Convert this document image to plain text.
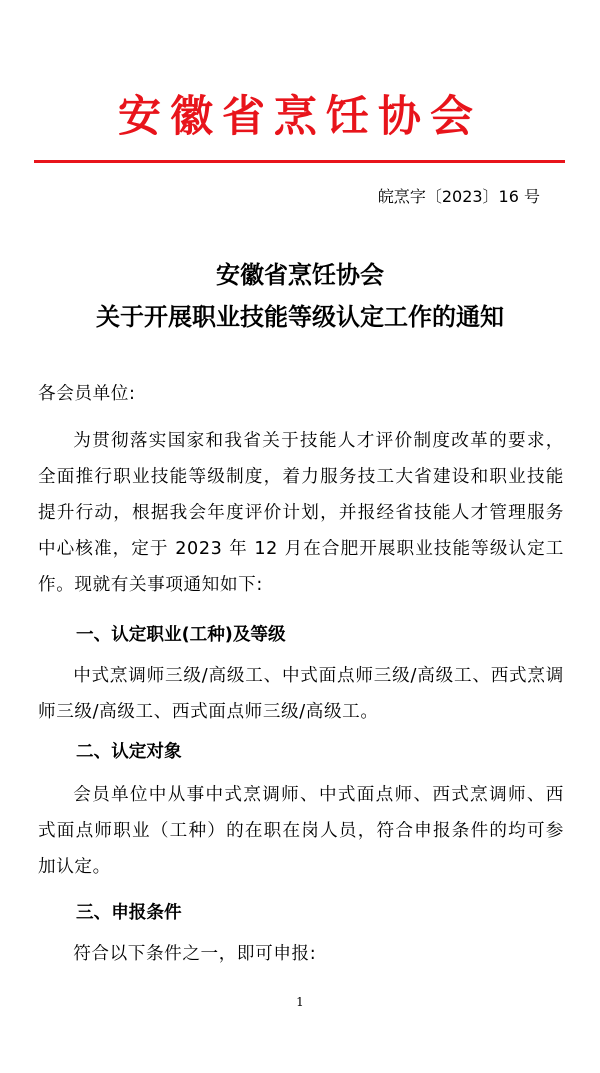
安徽省烹饪协会
皖烹字〔2023〕16 号
安徽省烹饪协会
关于开展职业技能等级认定工作的通知
各会员单位:
为贯彻落实国家和我省关于技能人才评价制度改革的要求，全面推行职业技能等级制度，着力服务技工大省建设和职业技能提升行动，根据我会年度评价计划，并报经省技能人才管理服务中心核准，定于 2023 年 12 月在合肥开展职业技能等级认定工作。现就有关事项通知如下:
一、认定职业(工种)及等级
中式烹调师三级/高级工、中式面点师三级/高级工、西式烹调师三级/高级工、西式面点师三级/高级工。
二、认定对象
会员单位中从事中式烹调师、中式面点师、西式烹调师、西式面点师职业（工种）的在职在岗人员，符合申报条件的均可参加认定。
三、申报条件
符合以下条件之一，即可申报:
1
